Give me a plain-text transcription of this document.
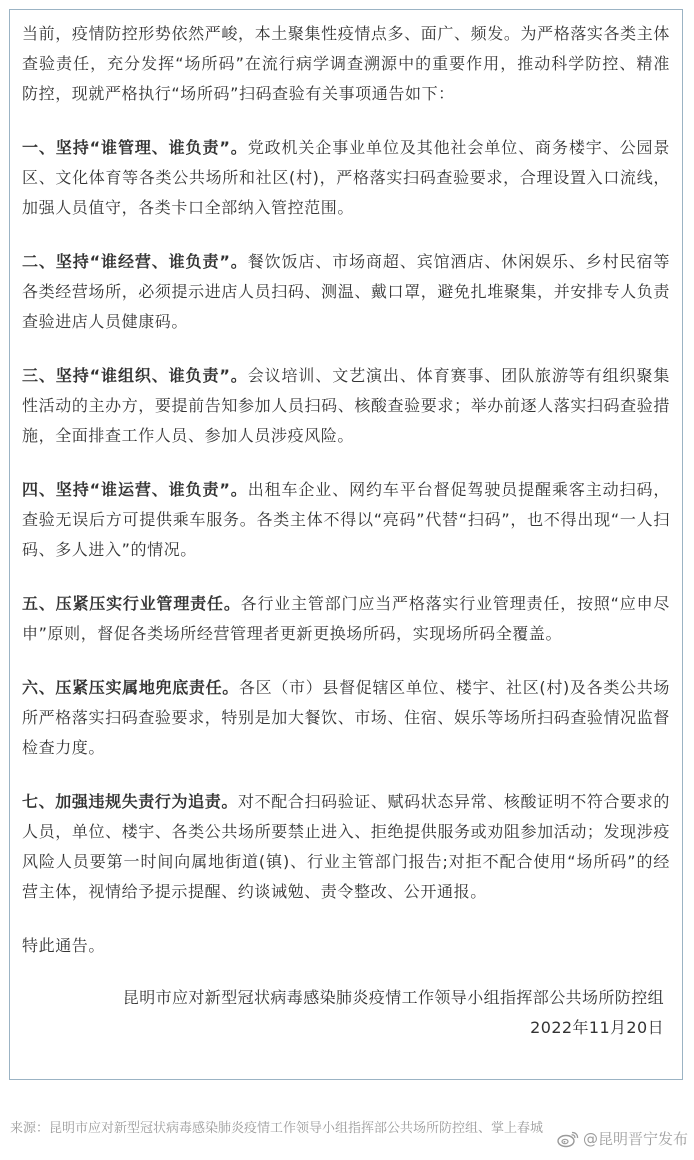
当前，疫情防控形势依然严峻，本土聚集性疫情点多、面广、频发。为严格落实各类主体查验责任，充分发挥“场所码”在流行病学调查溯源中的重要作用，推动科学防控、精准防控，现就严格执行“场所码”扫码查验有关事项通告如下：

一、坚持“谁管理、谁负责”。党政机关企事业单位及其他社会单位、商务楼宇、公园景区、文化体育等各类公共场所和社区(村)，严格落实扫码查验要求，合理设置入口流线，加强人员值守，各类卡口全部纳入管控范围。

二、坚持“谁经营、谁负责”。餐饮饭店、市场商超、宾馆酒店、休闲娱乐、乡村民宿等各类经营场所，必须提示进店人员扫码、测温、戴口罩，避免扎堆聚集，并安排专人负责查验进店人员健康码。

三、坚持“谁组织、谁负责”。会议培训、文艺演出、体育赛事、团队旅游等有组织聚集性活动的主办方，要提前告知参加人员扫码、核酸查验要求；举办前逐人落实扫码查验措施，全面排查工作人员、参加人员涉疫风险。

四、坚持“谁运营、谁负责”。出租车企业、网约车平台督促驾驶员提醒乘客主动扫码，查验无误后方可提供乘车服务。各类主体不得以“亮码”代替“扫码”，也不得出现“一人扫码、多人进入”的情况。

五、压紧压实行业管理责任。各行业主管部门应当严格落实行业管理责任，按照“应申尽申”原则，督促各类场所经营管理者更新更换场所码，实现场所码全覆盖。

六、压紧压实属地兜底责任。各区（市）县督促辖区单位、楼宇、社区(村)及各类公共场所严格落实扫码查验要求，特别是加大餐饮、市场、住宿、娱乐等场所扫码查验情况监督检查力度。

七、加强违规失责行为追责。对不配合扫码验证、赋码状态异常、核酸证明不符合要求的人员，单位、楼宇、各类公共场所要禁止进入、拒绝提供服务或劝阻参加活动；发现涉疫风险人员要第一时间向属地街道(镇)、行业主管部门报告;对拒不配合使用“场所码”的经营主体，视情给予提示提醒、约谈诫勉、责令整改、公开通报。

特此通告。

昆明市应对新型冠状病毒感染肺炎疫情工作领导小组指挥部公共场所防控组

2022年11月20日

来源：昆明市应对新型冠状病毒感染肺炎疫情工作领导小组指挥部公共场所防控组、掌上春城
@昆明晋宁发布
